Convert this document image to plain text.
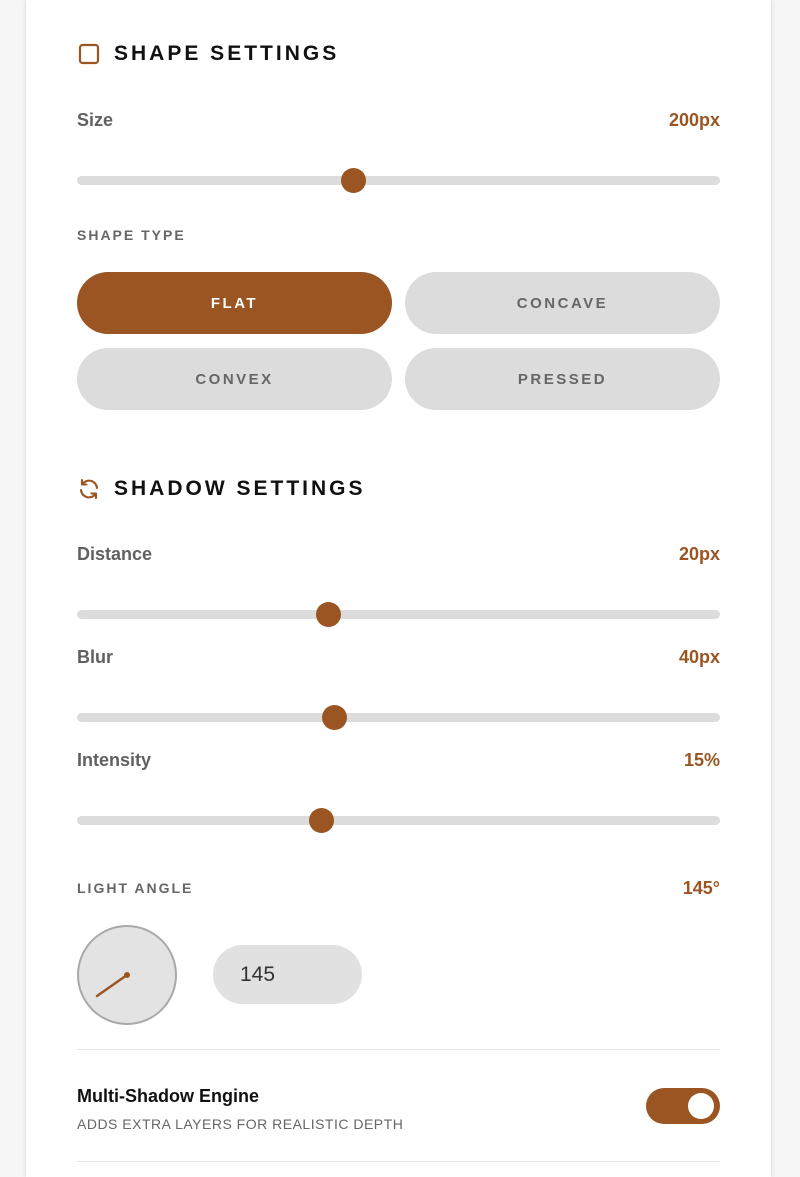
SHAPE SETTINGS
Size	200px
SHAPE TYPE
FLAT	CONCAVE
CONVEX	PRESSED
SHADOW SETTINGS
Distance	20px
Blur	40px
Intensity	15%
LIGHT ANGLE	145°
145
Multi-Shadow Engine
ADDS EXTRA LAYERS FOR REALISTIC DEPTH
